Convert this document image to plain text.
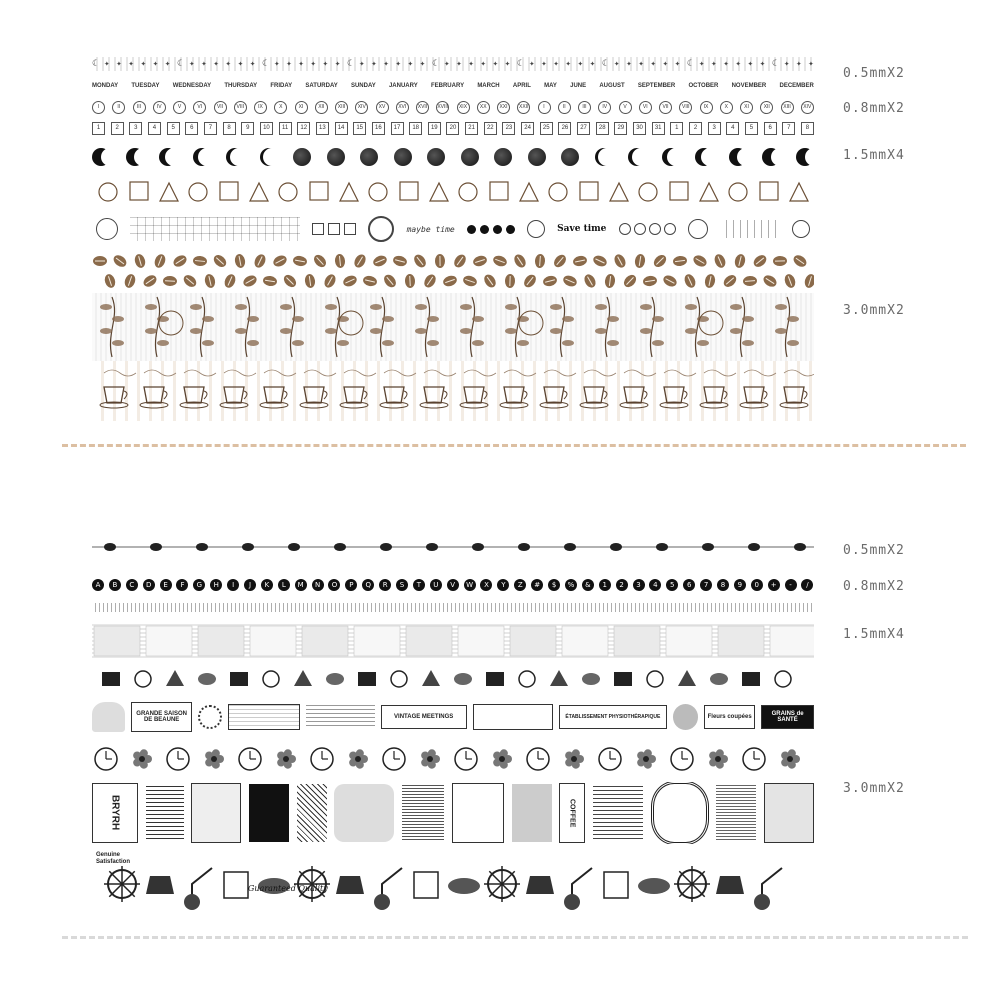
☾ ✦ ✦ ✦ ✦ ✦ ✦ ☾ ✦ ✦ ✦ ✦ ✦ ✦ ☾ ✦ ✦ ✦ ✦ ✦ ✦ ☾ ✦ ✦ ✦ ✦ ✦ ✦ ☾ ✦ ✦ ✦ ✦ ✦ ✦ ☾ ✦ ✦ ✦ ✦ ✦ ✦ ☾ ✦ ✦ ✦ ✦ ✦ ✦ ☾ ✦ ✦ ✦ ✦ ✦ ✦ ☾ ✦ ✦ ✦
MONDAY TUESDAY WEDNESDAY THURSDAY FRIDAY SATURDAY SUNDAY JANUARY FEBRUARY MARCH APRIL MAY JUNE AUGUST SEPTEMBER OCTOBER NOVEMBER DECEMBER
I	II	III	IV	V	VI	VII	VIII	IX	X	XI	XII	XIII	XIV	XV	XVI	XVII	XVIII	XIX	XX	XXI	XXII	I	II	III	IV	V	VI	VII	VIII	IX	X	XI	XII	XIII	XIV
1	2	3	4	5	6	7	8	9	10	11	12	13	14	15	16	17	18	19	20	21	22	23	24	25	26	27	28	29	30	31	1	2	3	4	5	6	7	8
maybe time	Save time
0.5mmX2
0.8mmX2
1.5mmX4
3.0mmX2
A	B	C	D	E	F	G	H	I	J	K	L	M	N	O	P	Q	R	S	T	U	V	W	X	Y	Z	#	$	%	&	1	2	3	4	5	6	7	8	9	0	+	-	/
GRANDE SAISON DE BEAUNE	VINTAGE MEETINGS	ÉTABLISSEMENT PHYSIOTHÉRAPIQUE	Fleurs coupées	GRAINS de SANTÉ
BRYRH	COFFEE
Genuine Satisfaction
Guaranteed Quality
0.5mmX2
0.8mmX2
1.5mmX4
3.0mmX2
